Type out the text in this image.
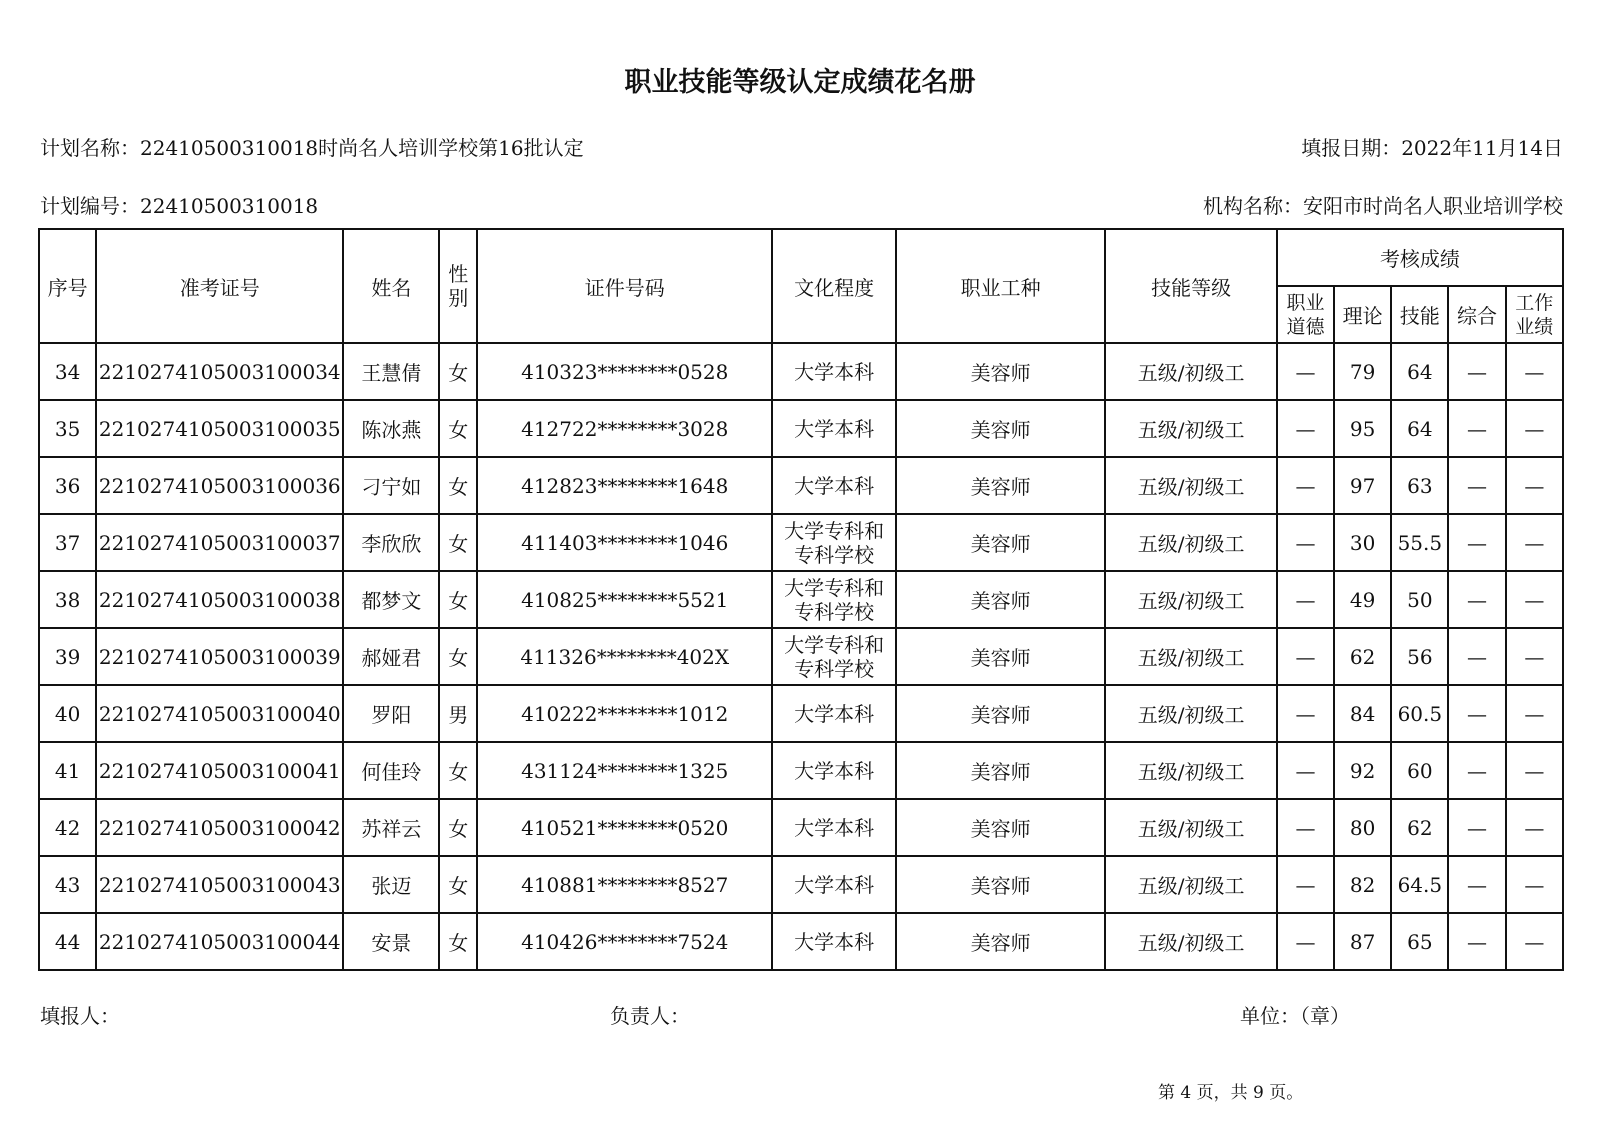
职业技能等级认定成绩花名册
计划名称：22410500310018时尚名人培训学校第16批认定	填报日期：2022年11月14日
计划编号：22410500310018	机构名称：安阳市时尚名人职业培训学校
序号	准考证号	姓名	性
别	证件号码	文化程度	职业工种	技能等级	考核成绩				

								职业
道德	理论	技能	综合	工作
业绩

34	2210274105003100034	王慧倩	女	410323********0528	大学本科	美容师	五级/初级工	—	79	64	—	—
35	2210274105003100035	陈冰燕	女	412722********3028	大学本科	美容师	五级/初级工	—	95	64	—	—
36	2210274105003100036	刁宁如	女	412823********1648	大学本科	美容师	五级/初级工	—	97	63	—	—
37	2210274105003100037	李欣欣	女	411403********1046	大学专科和
专科学校	美容师	五级/初级工	—	30	55.5	—	—
38	2210274105003100038	都梦文	女	410825********5521	大学专科和
专科学校	美容师	五级/初级工	—	49	50	—	—
39	2210274105003100039	郝娅君	女	411326********402X	大学专科和
专科学校	美容师	五级/初级工	—	62	56	—	—
40	2210274105003100040	罗阳	男	410222********1012	大学本科	美容师	五级/初级工	—	84	60.5	—	—
41	2210274105003100041	何佳玲	女	431124********1325	大学本科	美容师	五级/初级工	—	92	60	—	—
42	2210274105003100042	苏祥云	女	410521********0520	大学本科	美容师	五级/初级工	—	80	62	—	—
43	2210274105003100043	张迈	女	410881********8527	大学本科	美容师	五级/初级工	—	82	64.5	—	—
44	2210274105003100044	安景	女	410426********7524	大学本科	美容师	五级/初级工	—	87	65	—	—
填报人：	负责人：	单位：（章）
第 4 页，共 9 页。
